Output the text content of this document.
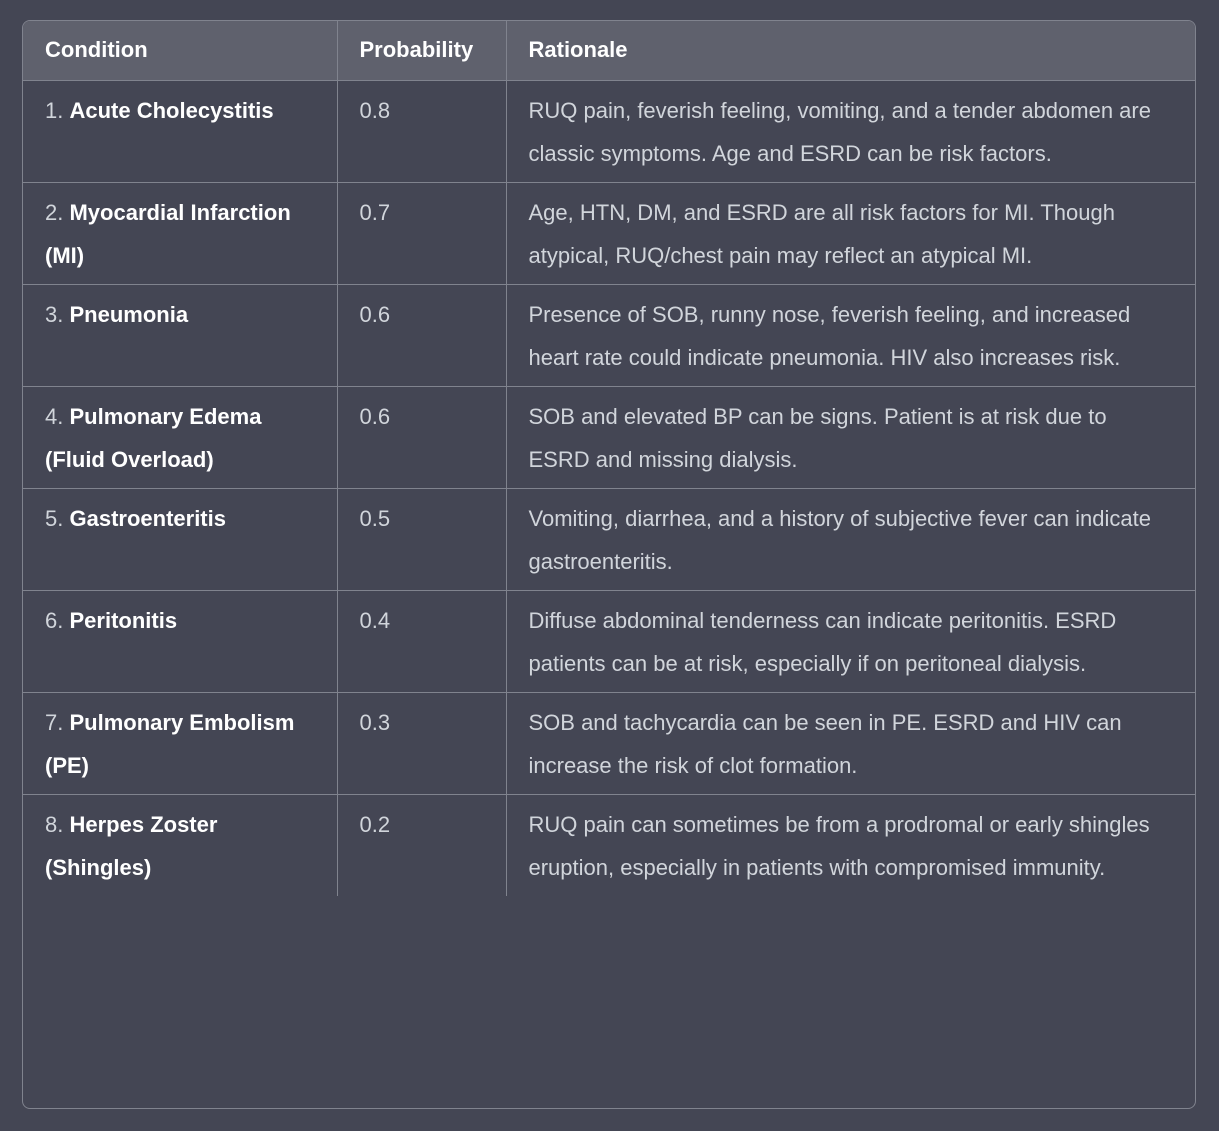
Condition	Probability	Rationale
1. Acute Cholecystitis	0.8	RUQ pain, feverish feeling, vomiting, and a tender abdomen are classic symptoms. Age and ESRD can be risk factors.
2. Myocardial Infarction (MI)	0.7	Age, HTN, DM, and ESRD are all risk factors for MI. Though atypical, RUQ/chest pain may reflect an atypical MI.
3. Pneumonia	0.6	Presence of SOB, runny nose, feverish feeling, and increased heart rate could indicate pneumonia. HIV also increases risk.
4. Pulmonary Edema (Fluid Overload)	0.6	SOB and elevated BP can be signs. Patient is at risk due to ESRD and missing dialysis.
5. Gastroenteritis	0.5	Vomiting, diarrhea, and a history of subjective fever can indicate gastroenteritis.
6. Peritonitis	0.4	Diffuse abdominal tenderness can indicate peritonitis. ESRD patients can be at risk, especially if on peritoneal dialysis.
7. Pulmonary Embolism (PE)	0.3	SOB and tachycardia can be seen in PE. ESRD and HIV can increase the risk of clot formation.
8. Herpes Zoster (Shingles)	0.2	RUQ pain can sometimes be from a prodromal or early shingles eruption, especially in patients with compromised immunity.
